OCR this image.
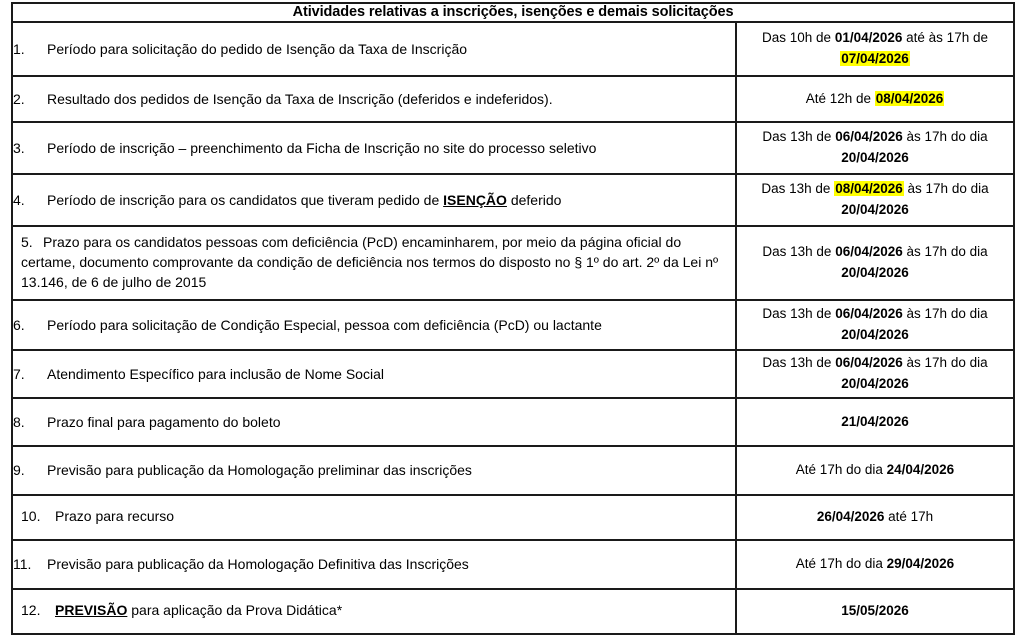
Atividades relativas a inscrições, isenções e demais solicitações	
1. Período para solicitação do pedido de Isenção da Taxa de Inscrição	Das 10h de 01/04/2026 até às 17h de
07/04/2026
2. Resultado dos pedidos de Isenção da Taxa de Inscrição (deferidos e indeferidos).	Até 12h de 08/04/2026
3. Período de inscrição – preenchimento da Ficha de Inscrição no site do processo seletivo	Das 13h de 06/04/2026 às 17h do dia
20/04/2026
4. Período de inscrição para os candidatos que tiveram pedido de ISENÇÃO deferido	Das 13h de 08/04/2026 às 17h do dia
20/04/2026
5. Prazo para os candidatos pessoas com deficiência (PcD) encaminharem, por meio da página oficial do certame, documento comprovante da condição de deficiência nos termos do disposto no § 1º do art. 2º da Lei nº 13.146, de 6 de julho de 2015	Das 13h de 06/04/2026 às 17h do dia
20/04/2026
6. Período para solicitação de Condição Especial, pessoa com deficiência (PcD) ou lactante	Das 13h de 06/04/2026 às 17h do dia
20/04/2026
7. Atendimento Específico para inclusão de Nome Social	Das 13h de 06/04/2026 às 17h do dia
20/04/2026
8. Prazo final para pagamento do boleto	21/04/2026
9. Previsão para publicação da Homologação preliminar das inscrições	Até 17h do dia 24/04/2026
10. Prazo para recurso	26/04/2026 até 17h
11. Previsão para publicação da Homologação Definitiva das Inscrições	Até 17h do dia 29/04/2026
12. PREVISÃO para aplicação da Prova Didática*	15/05/2026
